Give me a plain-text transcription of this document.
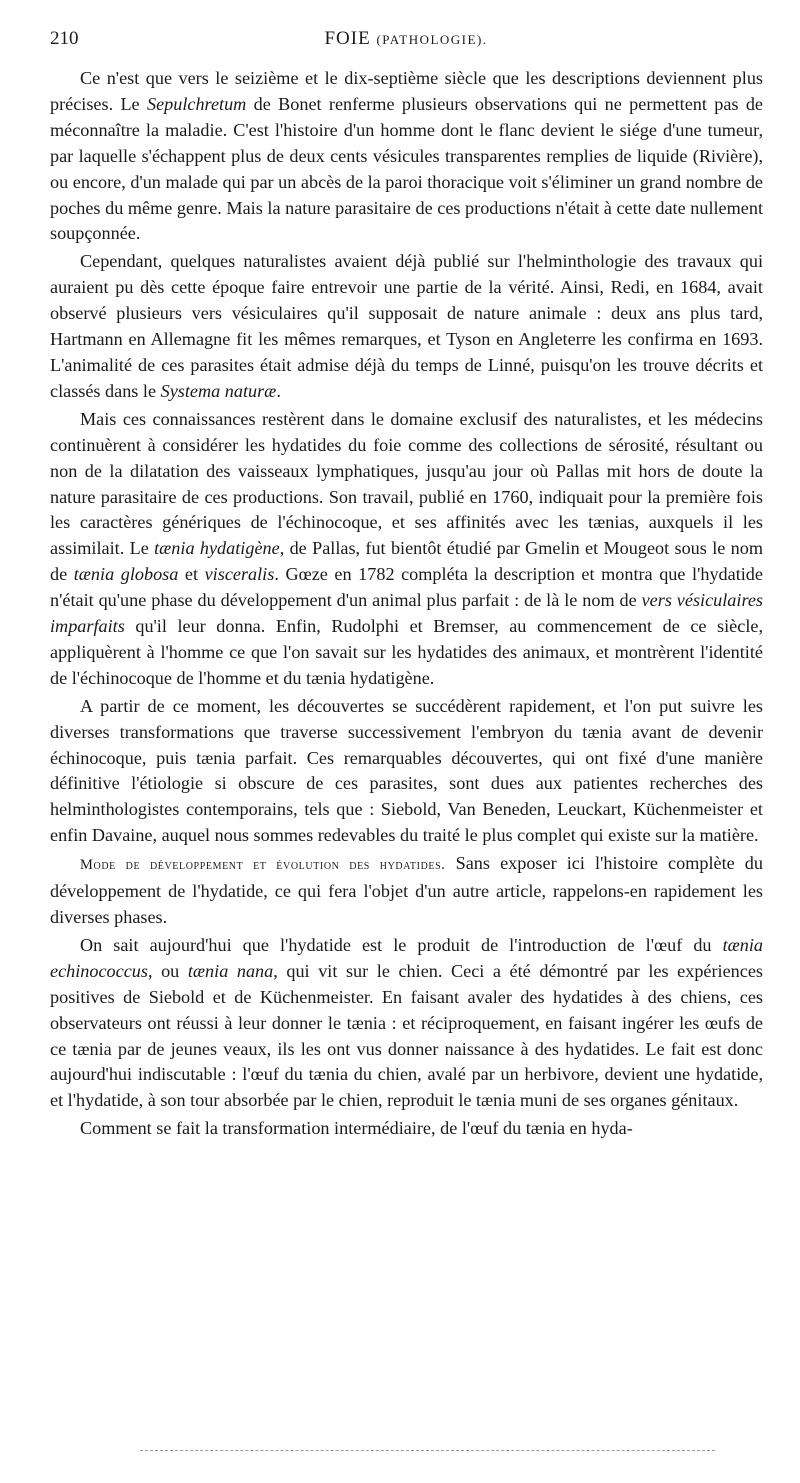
210	FOIE (PATHOLOGIE).

Ce n'est que vers le seizième et le dix-septième siècle que les descriptions deviennent plus précises. Le Sepulchretum de Bonet renferme plusieurs observations qui ne permettent pas de méconnaître la maladie. C'est l'histoire d'un homme dont le flanc devient le siége d'une tumeur, par laquelle s'échappent plus de deux cents vésicules transparentes remplies de liquide (Rivière), ou encore, d'un malade qui par un abcès de la paroi thoracique voit s'éliminer un grand nombre de poches du même genre. Mais la nature parasitaire de ces productions n'était à cette date nullement soupçonnée.

Cependant, quelques naturalistes avaient déjà publié sur l'helminthologie des travaux qui auraient pu dès cette époque faire entrevoir une partie de la vérité. Ainsi, Redi, en 1684, avait observé plusieurs vers vésiculaires qu'il supposait de nature animale : deux ans plus tard, Hartmann en Allemagne fit les mêmes remarques, et Tyson en Angleterre les confirma en 1693. L'animalité de ces parasites était admise déjà du temps de Linné, puisqu'on les trouve décrits et classés dans le Systema naturæ.

Mais ces connaissances restèrent dans le domaine exclusif des naturalistes, et les médecins continuèrent à considérer les hydatides du foie comme des collections de sérosité, résultant ou non de la dilatation des vaisseaux lymphatiques, jusqu'au jour où Pallas mit hors de doute la nature parasitaire de ces productions. Son travail, publié en 1760, indiquait pour la première fois les caractères génériques de l'échinocoque, et ses affinités avec les tænias, auxquels il les assimilait. Le tænia hydatigène, de Pallas, fut bientôt étudié par Gmelin et Mougeot sous le nom de tænia globosa et visceralis. Gœze en 1782 compléta la description et montra que l'hydatide n'était qu'une phase du développement d'un animal plus parfait : de là le nom de vers vésiculaires imparfaits qu'il leur donna. Enfin, Rudolphi et Bremser, au commencement de ce siècle, appliquèrent à l'homme ce que l'on savait sur les hydatides des animaux, et montrèrent l'identité de l'échinocoque de l'homme et du tænia hydatigène.

A partir de ce moment, les découvertes se succédèrent rapidement, et l'on put suivre les diverses transformations que traverse successivement l'embryon du tænia avant de devenir échinocoque, puis tænia parfait. Ces remarquables découvertes, qui ont fixé d'une manière définitive l'étiologie si obscure de ces parasites, sont dues aux patientes recherches des helminthologistes contemporains, tels que : Siebold, Van Beneden, Leuckart, Küchenmeister et enfin Davaine, auquel nous sommes redevables du traité le plus complet qui existe sur la matière.

Mode de développement et évolution des hydatides. Sans exposer ici l'histoire complète du développement de l'hydatide, ce qui fera l'objet d'un autre article, rappelons-en rapidement les diverses phases.

On sait aujourd'hui que l'hydatide est le produit de l'introduction de l'œuf du tænia echinococcus, ou tænia nana, qui vit sur le chien. Ceci a été démontré par les expériences positives de Siebold et de Küchenmeister. En faisant avaler des hydatides à des chiens, ces observateurs ont réussi à leur donner le tænia : et réciproquement, en faisant ingérer les œufs de ce tænia par de jeunes veaux, ils les ont vus donner naissance à des hydatides. Le fait est donc aujourd'hui indiscutable : l'œuf du tænia du chien, avalé par un herbivore, devient une hydatide, et l'hydatide, à son tour absorbée par le chien, reproduit le tænia muni de ses organes génitaux.

Comment se fait la transformation intermédiaire, de l'œuf du tænia en hyda-
